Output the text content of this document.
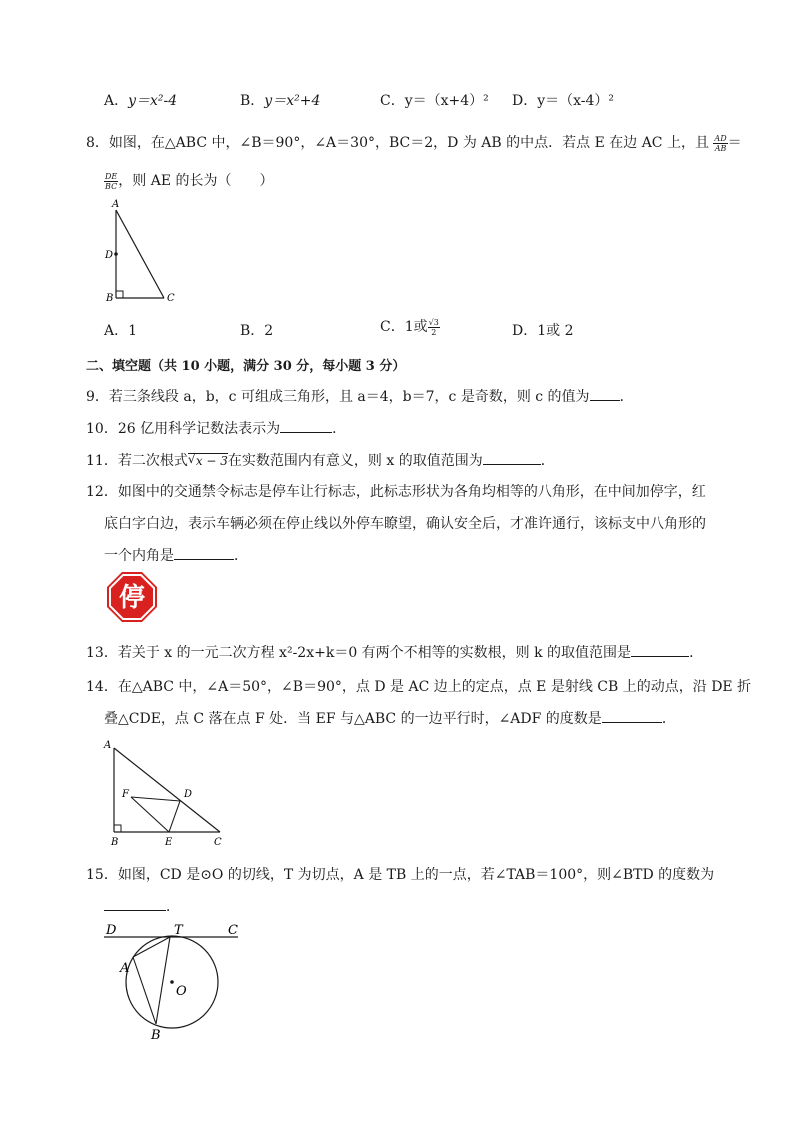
A．y＝x²-4	B．y＝x²+4	C．y＝（x+4）² D．y＝（x-4）²
8．如图，在△ABC 中，∠B＝90°，∠A＝30°，BC＝2，D 为 AB 的中点．若点 E 在边 AC 上，且 $\frac{AD}{AB}$ ＝
$\frac{DE}{BC}$ ，则 AE 的长为（　　）
A
D
B	C
A．1	B．2	C．1或 $\frac{√3}{2}$	D．1或 2
二、填空题（共 10 小题，满分 30 分，每小题 3 分）
9．若三条线段 a，b，c 可组成三角形，且 a＝4，b＝7，c 是奇数，则 c 的值为 ．
10．26 亿用科学记数法表示为	．
11．若二次根式 √ x − 3在实数范围内有意义，则 x 的取值范围为	．
12．如图中的交通禁令标志是停车让行标志，此标志形状为各角均相等的八角形，在中间加停字，红
底白字白边，表示车辆必须在停止线以外停车瞭望，确认安全后，才准许通行，该标支中八角形的
一个内角是	．
停
13．若关于 x 的一元二次方程 x²-2x+k＝0 有两个不相等的实数根，则 k 的取值范围是	．
14．在△ABC 中，∠A＝50°，∠B＝90°，点 D 是 AC 边上的定点，点 E 是射线 CB 上的动点，沿 DE 折
叠△CDE，点 C 落在点 F 处．当 EF 与△ABC 的一边平行时，∠ADF 的度数是	．
A
F	D
B	E	C
15．如图，CD 是⊙O 的切线，T 为切点，A 是 TB 上的一点，若∠TAB＝100°，则∠BTD 的度数为
．
D	T	C
A
O
B
